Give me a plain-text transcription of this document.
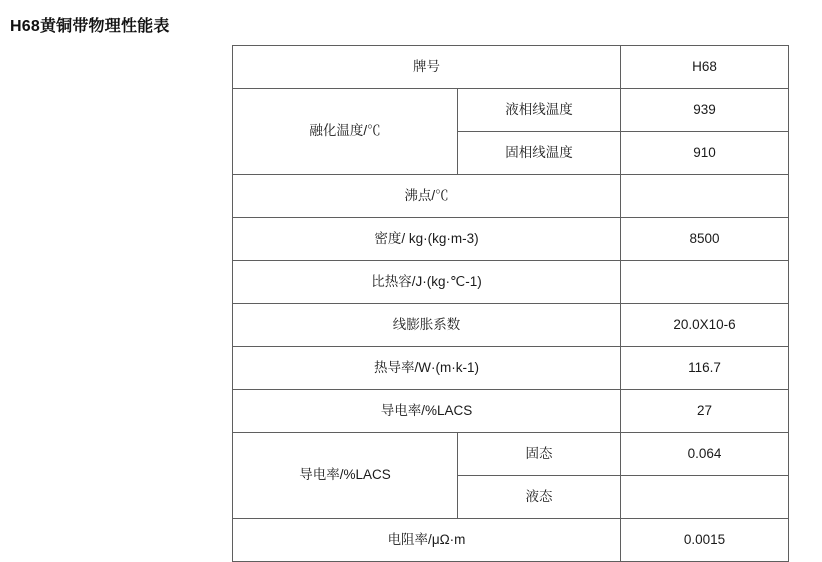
H68黄铜带物理性能表
牌号		H68
融化温度/℃	液相线温度	939
	固相线温度	910
沸点/℃		
密度/ kg·(kg·m-3)		8500
比热容/J·(kg·℃-1)		
线膨胀系数		20.0X10-6
热导率/W·(m·k-1)		116.7
导电率/%LACS		27
导电率/%LACS	固态	0.064
	液态	
电阻率/μΩ·m		0.0015
